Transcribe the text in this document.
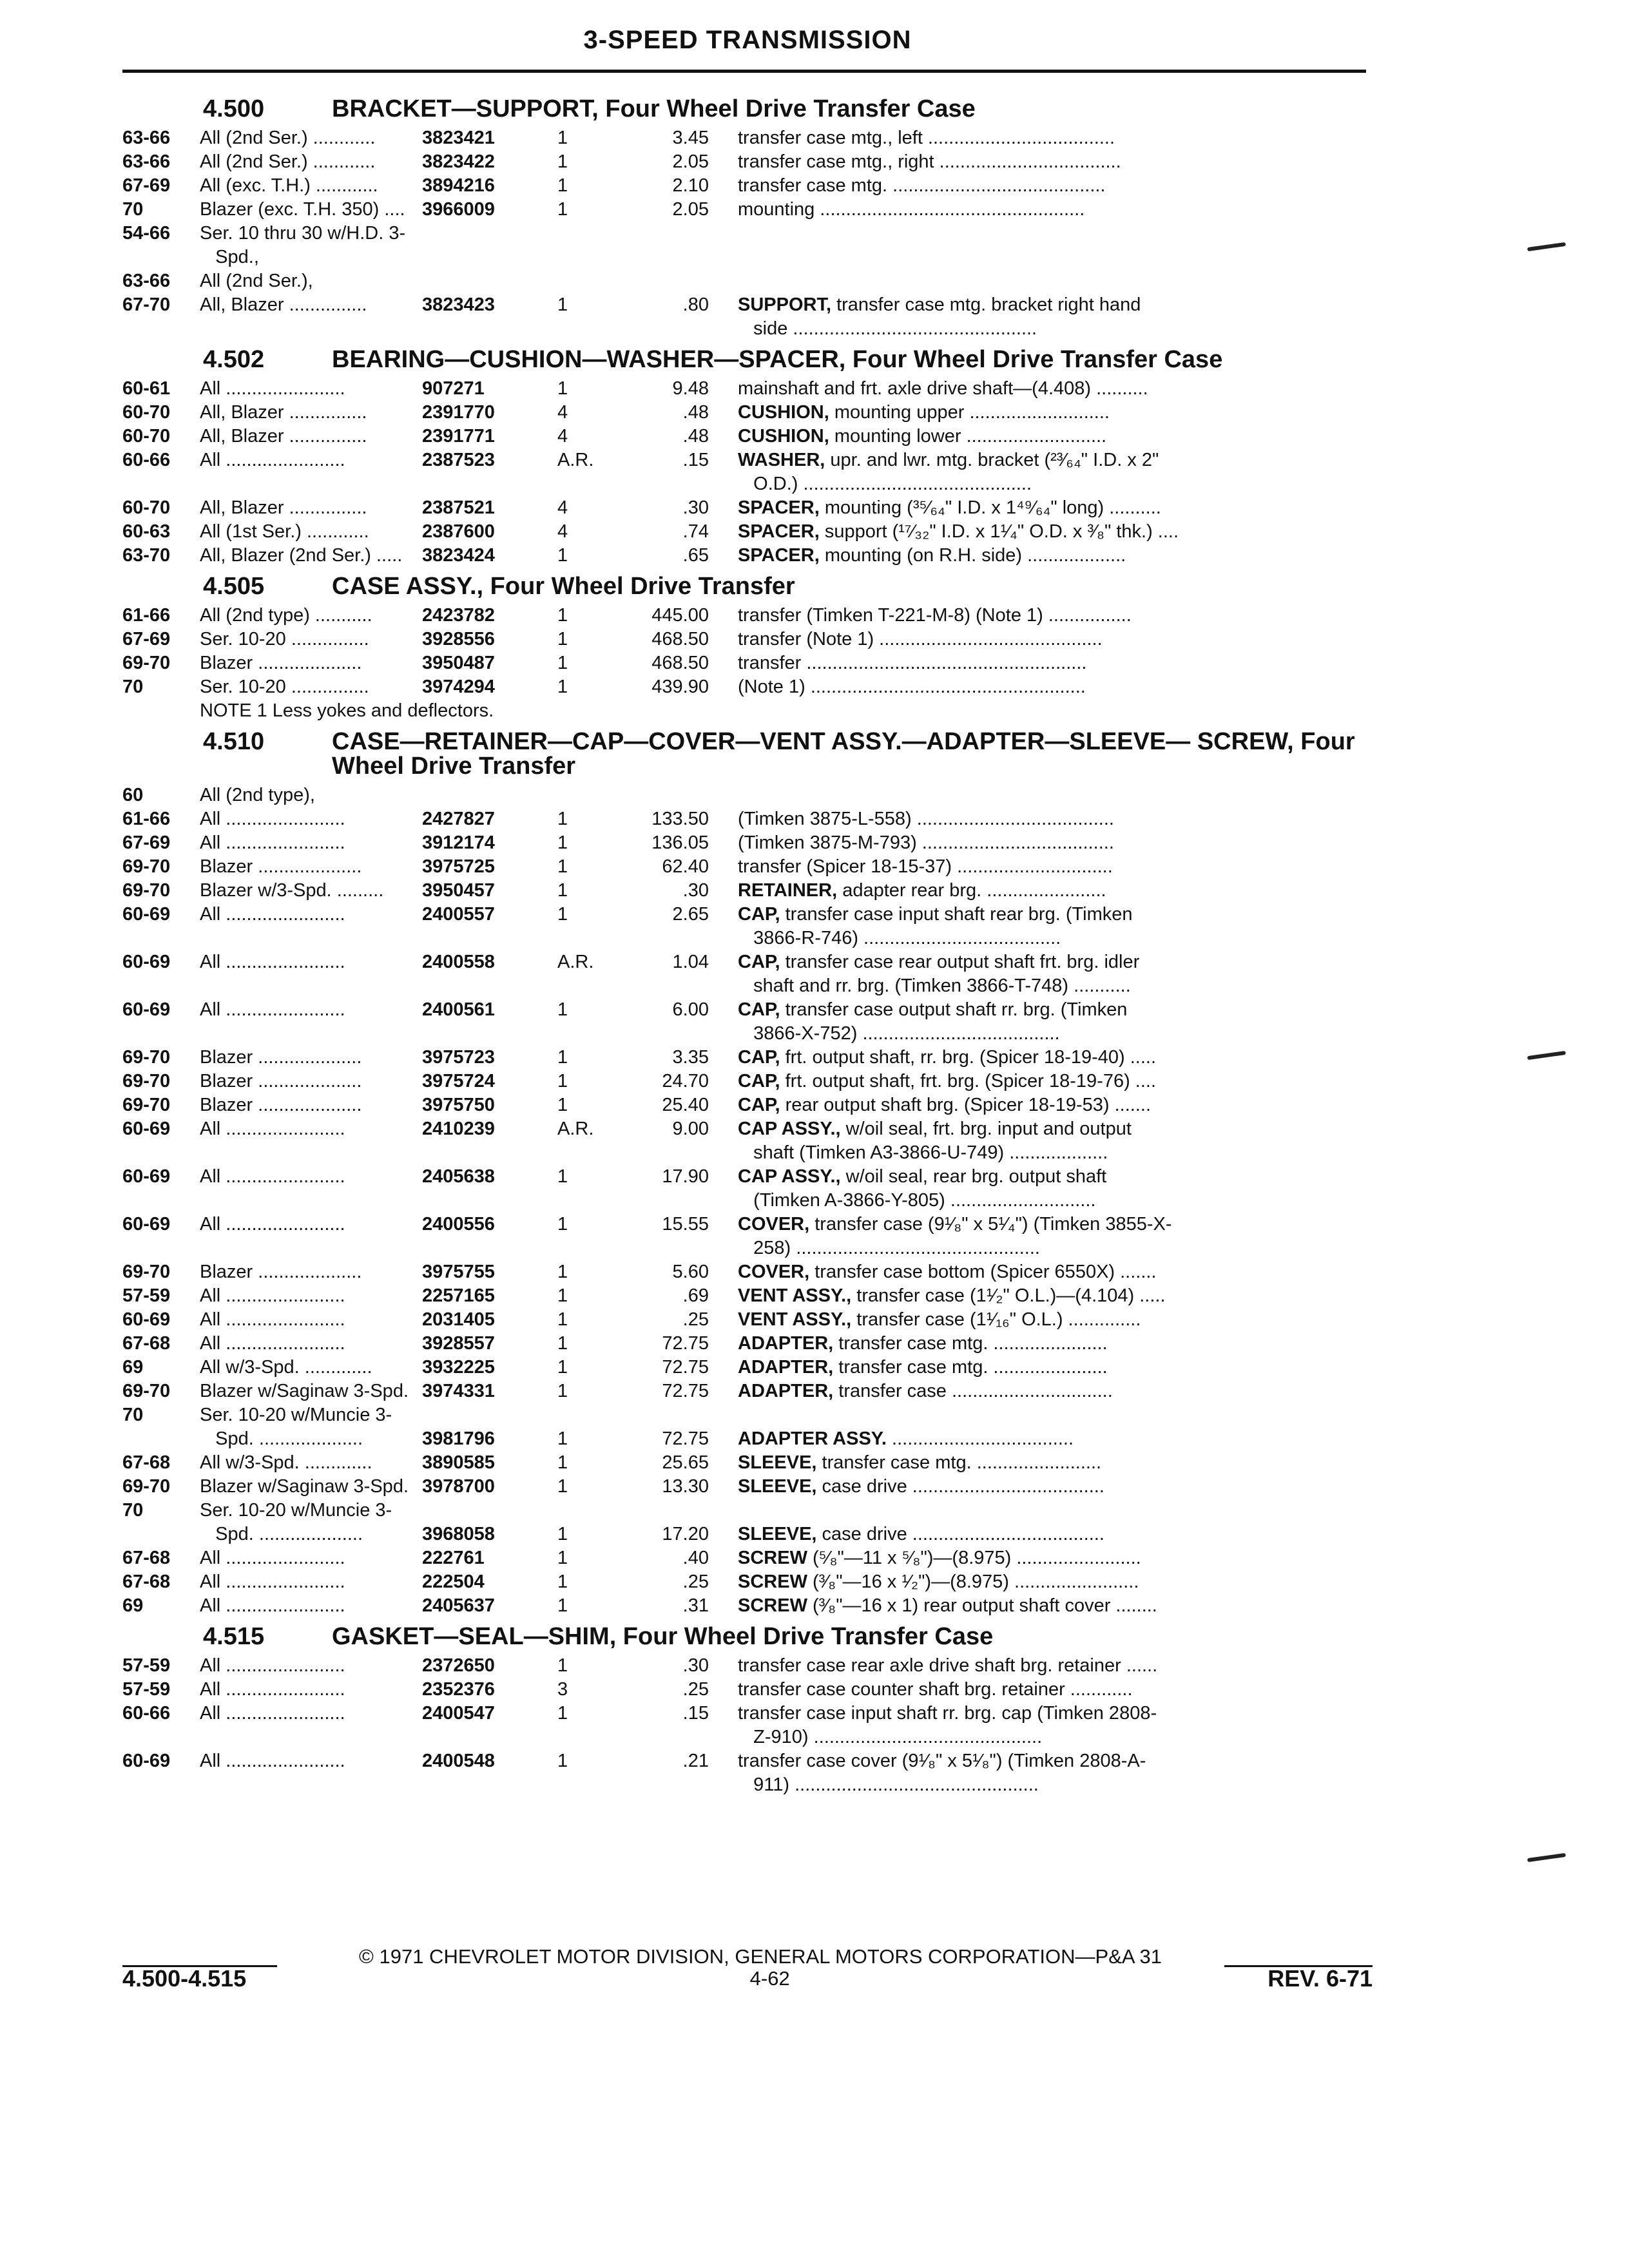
3-SPEED TRANSMISSION
4.500	BRACKET—SUPPORT, Four Wheel Drive Transfer Case
63-66	All (2nd Ser.) ............	3823421	1	3.45	transfer case mtg., left ....................................
63-66	All (2nd Ser.) ............	3823422	1	2.05	transfer case mtg., right ...................................
67-69	All (exc. T.H.) ............	3894216	1	2.10	transfer case mtg. .........................................
70	Blazer (exc. T.H. 350) .... 3966009	1	2.05	mounting ...................................................
54-66	Ser. 10 thru 30 w/H.D. 3-
Spd.,
63-66	All (2nd Ser.),
67-70	All, Blazer ...............	3823423	1	.80	SUPPORT, transfer case mtg. bracket right hand
side ...............................................
4.502	BEARING—CUSHION—WASHER—SPACER, Four Wheel Drive Transfer Case
60-61	All .......................	907271	1	9.48	mainshaft and frt. axle drive shaft—(4.408) ..........
60-70	All, Blazer ...............	2391770	4	.48	CUSHION, mounting upper ...........................
60-70	All, Blazer ...............	2391771	4	.48	CUSHION, mounting lower ...........................
60-66	All .......................	2387523	A.R.	.15	WASHER, upr. and lwr. mtg. bracket (²³⁄₆₄" I.D. x 2"
O.D.) ............................................
60-70	All, Blazer ...............	2387521	4	.30	SPACER, mounting (³⁵⁄₆₄" I.D. x 1⁴⁹⁄₆₄" long) ..........
60-63	All (1st Ser.) ............	2387600	4	.74	SPACER, support (¹⁷⁄₃₂" I.D. x 1¹⁄₄" O.D. x ³⁄₈" thk.) ....
63-70	All, Blazer (2nd Ser.) .....	3823424	1	.65	SPACER, mounting (on R.H. side) ...................
4.505	CASE ASSY., Four Wheel Drive Transfer
61-66	All (2nd type) ...........	2423782	1	445.00	transfer (Timken T-221-M-8) (Note 1) ................
67-69	Ser. 10-20 ...............	3928556	1	468.50	transfer (Note 1) ...........................................
69-70	Blazer ....................	3950487	1	468.50	transfer ......................................................
70	Ser. 10-20 ...............	3974294	1	439.90	(Note 1) .....................................................
NOTE 1 Less yokes and deflectors.
4.510	CASE—RETAINER—CAP—COVER—VENT ASSY.—ADAPTER—SLEEVE— SCREW, Four Wheel Drive Transfer
60	All (2nd type),
61-66	All .......................	2427827	1	133.50	(Timken 3875-L-558) ......................................
67-69	All .......................	3912174	1	136.05	(Timken 3875-M-793) .....................................
69-70	Blazer ....................	3975725	1	62.40	transfer (Spicer 18-15-37) ..............................
69-70	Blazer w/3-Spd. .........	3950457	1	.30	RETAINER, adapter rear brg. .......................
60-69	All .......................	2400557	1	2.65	CAP, transfer case input shaft rear brg. (Timken
3866-R-746) ......................................
60-69	All .......................	2400558	A.R.	1.04	CAP, transfer case rear output shaft frt. brg. idler
shaft and rr. brg. (Timken 3866-T-748) ...........
60-69	All .......................	2400561	1	6.00	CAP, transfer case output shaft rr. brg. (Timken
3866-X-752) ......................................
69-70	Blazer ....................	3975723	1	3.35	CAP, frt. output shaft, rr. brg. (Spicer 18-19-40) .....
69-70	Blazer ....................	3975724	1	24.70	CAP, frt. output shaft, frt. brg. (Spicer 18-19-76) ....
69-70	Blazer ....................	3975750	1	25.40	CAP, rear output shaft brg. (Spicer 18-19-53) .......
60-69	All .......................	2410239	A.R.	9.00	CAP ASSY., w/oil seal, frt. brg. input and output
shaft (Timken A3-3866-U-749) ...................
60-69	All .......................	2405638	1	17.90	CAP ASSY., w/oil seal, rear brg. output shaft
(Timken A-3866-Y-805) ............................
60-69	All .......................	2400556	1	15.55	COVER, transfer case (9¹⁄₈" x 5¹⁄₄") (Timken 3855-X-
258) ...............................................
69-70	Blazer ....................	3975755	1	5.60	COVER, transfer case bottom (Spicer 6550X) .......
57-59	All .......................	2257165	1	.69	VENT ASSY., transfer case (1¹⁄₂" O.L.)—(4.104) .....
60-69	All .......................	2031405	1	.25	VENT ASSY., transfer case (1¹⁄₁₆" O.L.) ..............
67-68	All .......................	3928557	1	72.75	ADAPTER, transfer case mtg. ......................
69	All w/3-Spd. .............	3932225	1	72.75	ADAPTER, transfer case mtg. ......................
69-70	Blazer w/Saginaw 3-Spd. 3974331	1	72.75	ADAPTER, transfer case ...............................
70	Ser. 10-20 w/Muncie 3-
Spd. ....................	3981796	1	72.75	ADAPTER ASSY. ...................................
67-68	All w/3-Spd. .............	3890585	1	25.65	SLEEVE, transfer case mtg. ........................
69-70	Blazer w/Saginaw 3-Spd. 3978700	1	13.30	SLEEVE, case drive .....................................
70	Ser. 10-20 w/Muncie 3-
Spd. ....................	3968058	1	17.20	SLEEVE, case drive .....................................
67-68	All .......................	222761	1	.40	SCREW (⁵⁄₈"—11 x ⁵⁄₈")—(8.975) ........................
67-68	All .......................	222504	1	.25	SCREW (³⁄₈"—16 x ¹⁄₂")—(8.975) ........................
69	All .......................	2405637	1	.31	SCREW (³⁄₈"—16 x 1) rear output shaft cover ........
4.515	GASKET—SEAL—SHIM, Four Wheel Drive Transfer Case
57-59	All .......................	2372650	1	.30	transfer case rear axle drive shaft brg. retainer ......
57-59	All .......................	2352376	3	.25	transfer case counter shaft brg. retainer ............
60-66	All .......................	2400547	1	.15	transfer case input shaft rr. brg. cap (Timken 2808-
Z-910) ............................................
60-69	All .......................	2400548	1	.21	transfer case cover (9¹⁄₈" x 5¹⁄₈") (Timken 2808-A-
911) ...............................................
© 1971 CHEVROLET MOTOR DIVISION, GENERAL MOTORS CORPORATION—P&A 31
4.500-4.515	4-62	REV. 6-71
